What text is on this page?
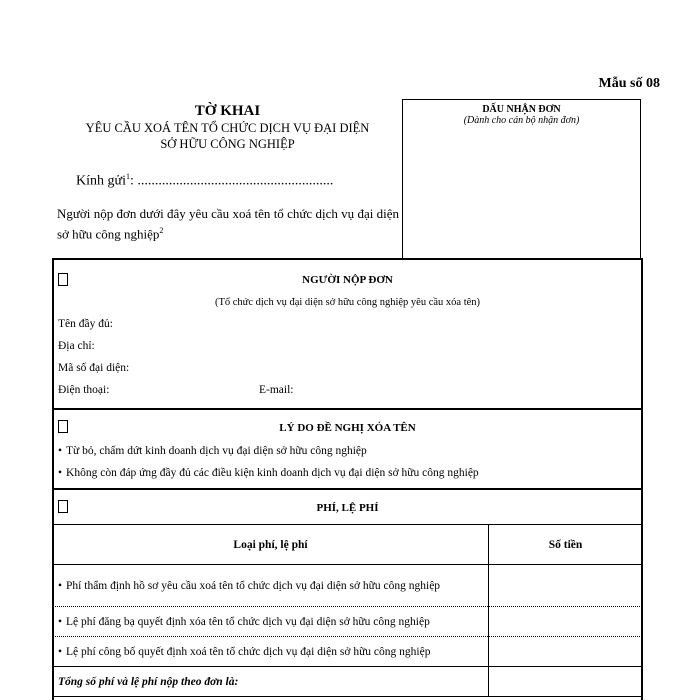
Mẫu số 08
TỜ KHAI
YÊU CẦU XOÁ TÊN TỔ CHỨC DỊCH VỤ ĐẠI DIỆN
SỞ HỮU CÔNG NGHIỆP
Kính gửi$^1$: ........................................................
Người nộp đơn dưới đây yêu cầu xoá tên tổ chức dịch vụ đại diện sở hữu công nghiệp$^2$
DẤU NHẬN ĐƠN
(Dành cho cán bộ nhận đơn)
NGƯỜI NỘP ĐƠN
(Tổ chức dịch vụ đại diện sở hữu công nghiệp yêu cầu xóa tên)
Tên đầy đủ:
Địa chỉ:
Mã số đại diện:
Điện thoại:	E-mail:
LÝ DO ĐỀ NGHỊ XÓA TÊN
• Từ bỏ, chấm dứt kinh doanh dịch vụ đại diện sở hữu công nghiệp
• Không còn đáp ứng đầy đủ các điều kiện kinh doanh dịch vụ đại diện sở hữu công nghiệp
PHÍ, LỆ PHÍ
Loại phí, lệ phí	Số tiền
• Phí thẩm định hồ sơ yêu cầu xoá tên tổ chức dịch vụ đại diện sở hữu công nghiệp	
• Lệ phí đăng bạ quyết định xóa tên tổ chức dịch vụ đại diện sở hữu công nghiệp	
• Lệ phí công bố quyết định xoá tên tổ chức dịch vụ đại diện sở hữu công nghiệp	
Tổng số phí và lệ phí nộp theo đơn là:	
